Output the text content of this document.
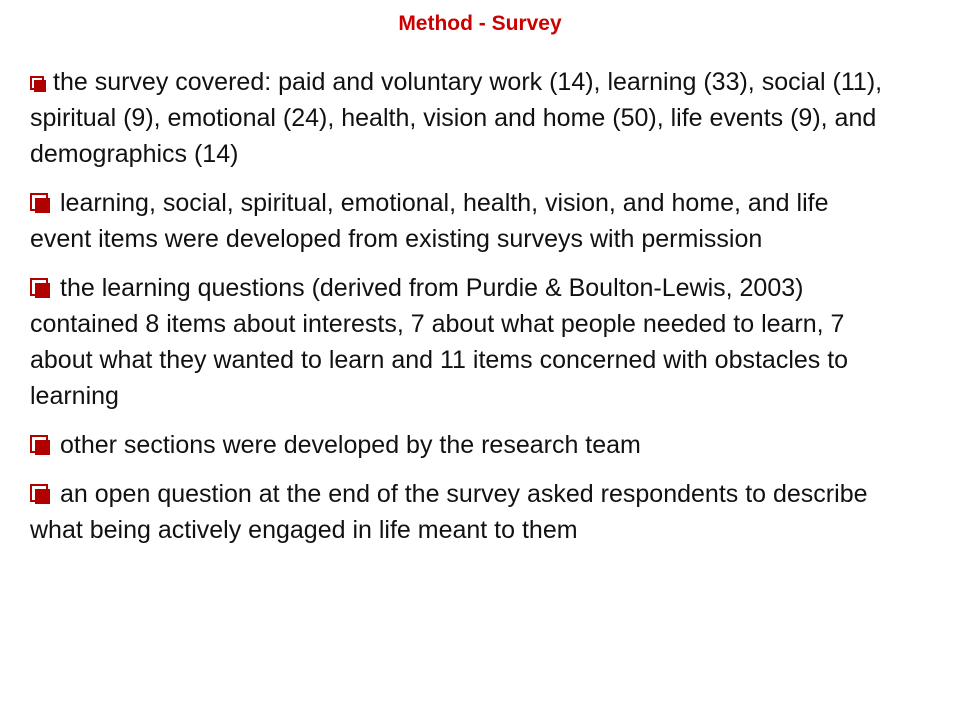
Method - Survey
the survey covered: paid and voluntary work (14), learning (33), social (11), spiritual (9), emotional (24), health, vision and home (50), life events (9), and demographics (14)
learning, social, spiritual, emotional, health, vision, and home, and life event items were developed from existing surveys with permission
the learning questions (derived from Purdie & Boulton-Lewis, 2003) contained 8 items about interests, 7 about what people needed to learn, 7 about what they wanted to learn and 11 items concerned with obstacles to learning
other sections were developed by the research team
an open question at the end of the survey asked respondents to describe what being actively engaged in life meant to them
